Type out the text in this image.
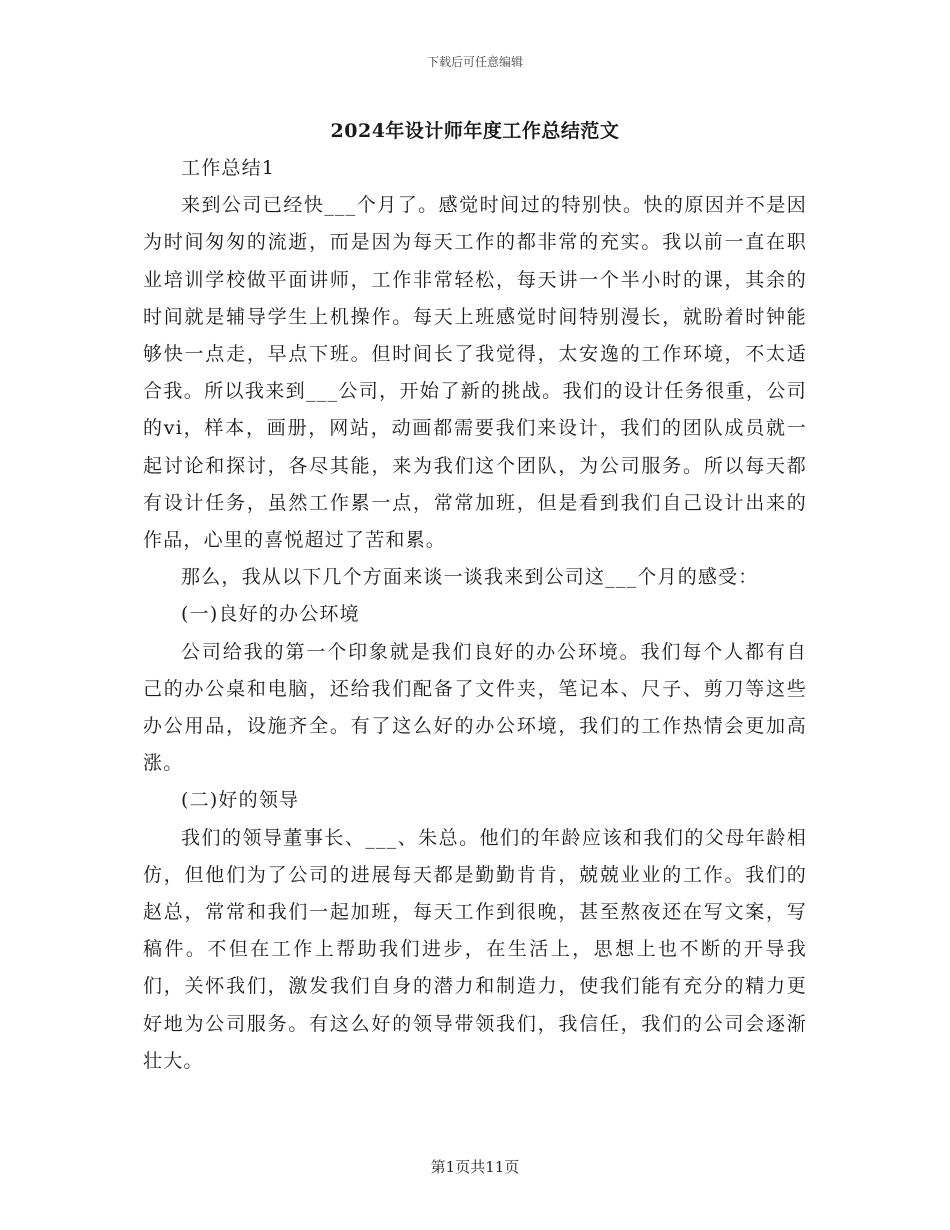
下载后可任意编辑
2024年设计师年度工作总结范文

工作总结1

来到公司已经快___个月了。感觉时间过的特别快。快的原因并不是因为时间匆匆的流逝，而是因为每天工作的都非常的充实。我以前一直在职业培训学校做平面讲师，工作非常轻松，每天讲一个半小时的课，其余的时间就是辅导学生上机操作。每天上班感觉时间特别漫长，就盼着时钟能够快一点走，早点下班。但时间长了我觉得，太安逸的工作环境，不太适合我。所以我来到___公司，开始了新的挑战。我们的设计任务很重，公司的vi，样本，画册，网站，动画都需要我们来设计，我们的团队成员就一起讨论和探讨，各尽其能，来为我们这个团队，为公司服务。所以每天都有设计任务，虽然工作累一点，常常加班，但是看到我们自己设计出来的作品，心里的喜悦超过了苦和累。

那么，我从以下几个方面来谈一谈我来到公司这___个月的感受：

(一)良好的办公环境

公司给我的第一个印象就是我们良好的办公环境。我们每个人都有自己的办公桌和电脑，还给我们配备了文件夹，笔记本、尺子、剪刀等这些办公用品，设施齐全。有了这么好的办公环境，我们的工作热情会更加高涨。

(二)好的领导

我们的领导董事长、___、朱总。他们的年龄应该和我们的父母年龄相仿，但他们为了公司的进展每天都是勤勤肯肯，兢兢业业的工作。我们的赵总，常常和我们一起加班，每天工作到很晚，甚至熬夜还在写文案，写稿件。不但在工作上帮助我们进步，在生活上，思想上也不断的开导我们，关怀我们，激发我们自身的潜力和制造力，使我们能有充分的精力更好地为公司服务。有这么好的领导带领我们，我信任，我们的公司会逐渐壮大。

第1页共11页
